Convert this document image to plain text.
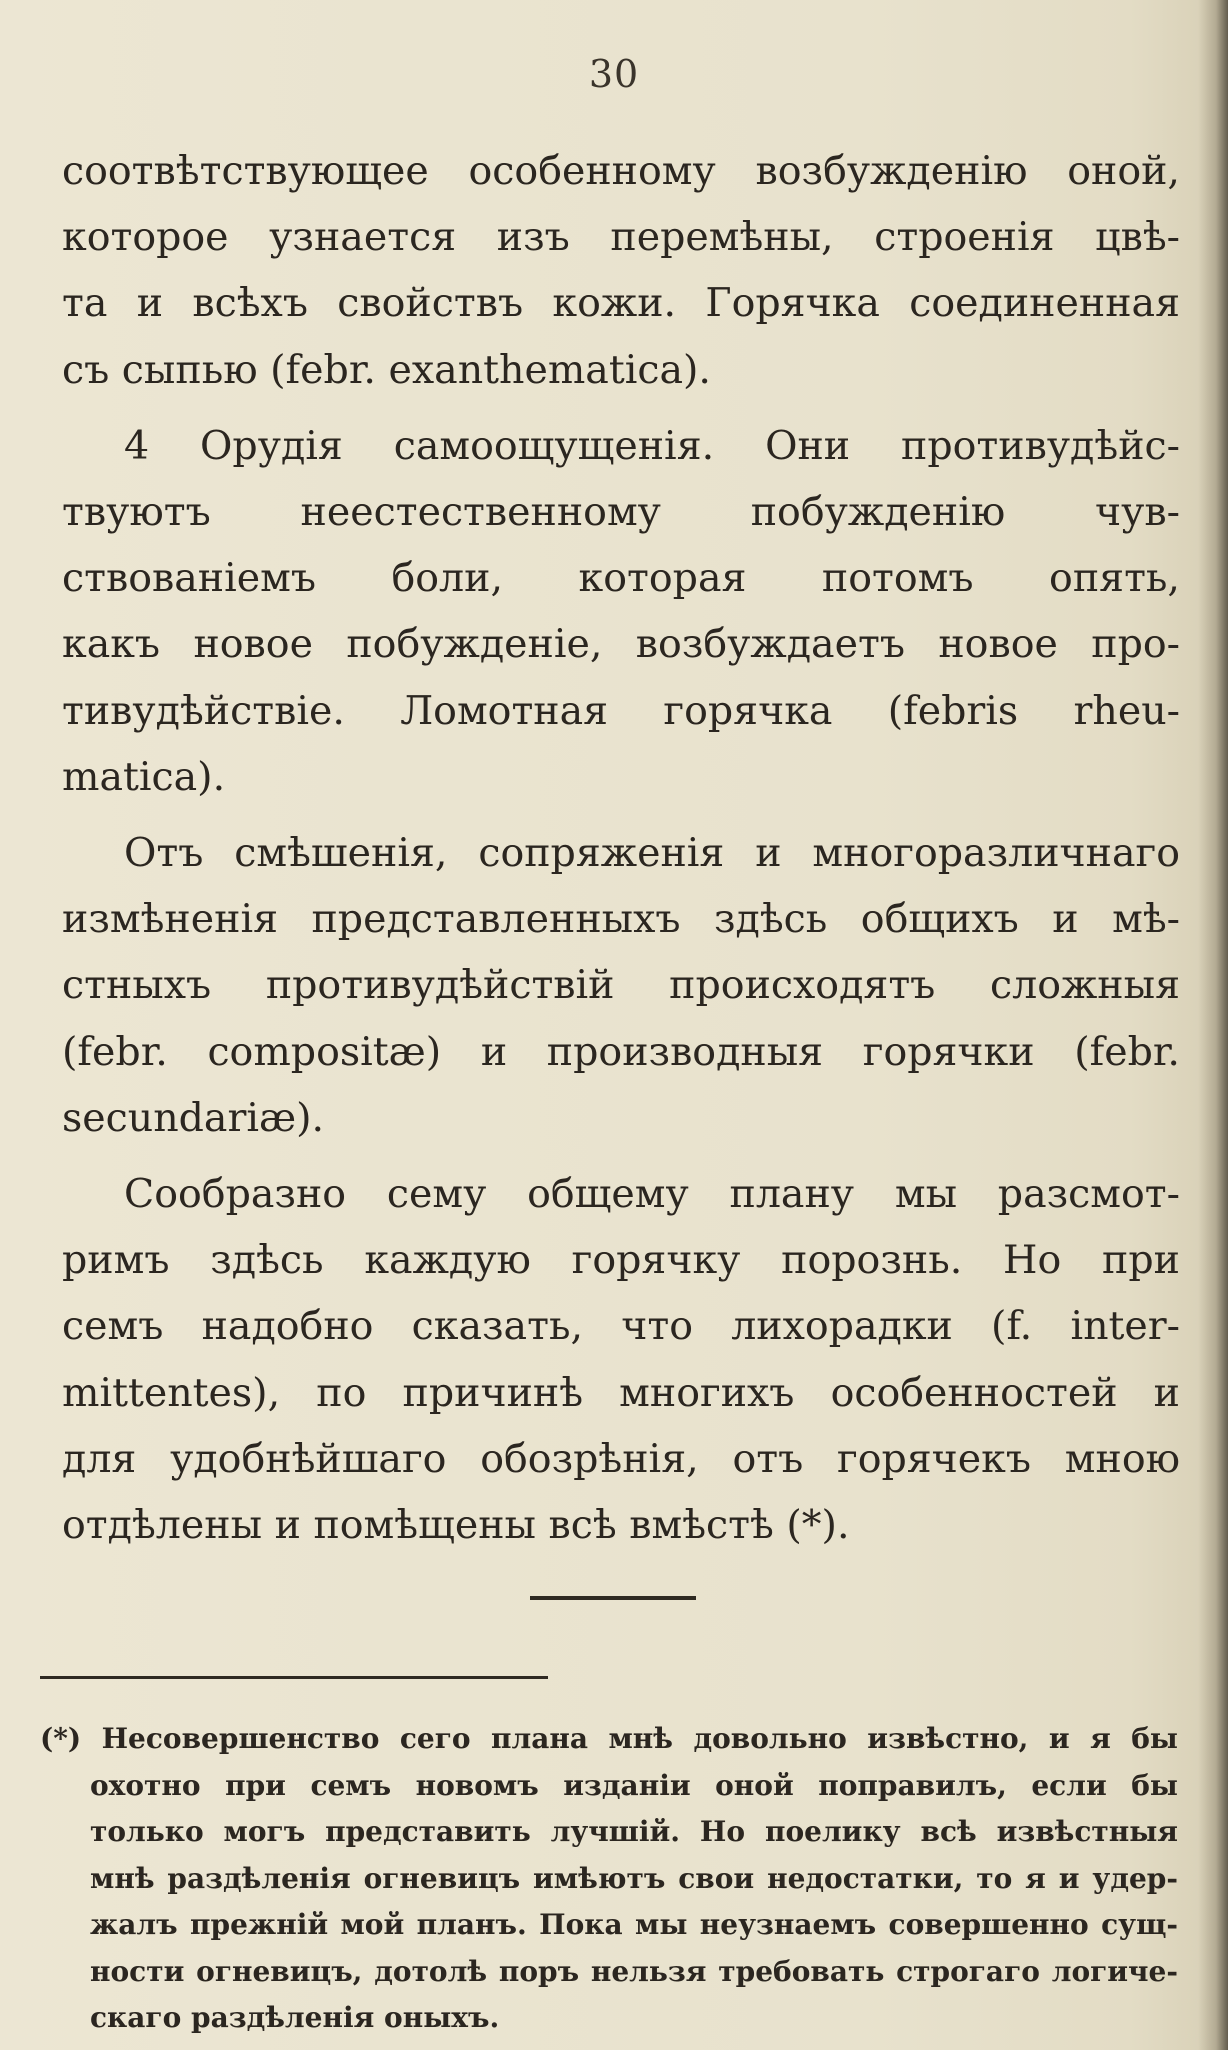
30
соотвѣтствующее особенному возбужденію оной,
которое узнается изъ перемѣны, строенія цвѣ-
та и всѣхъ свойствъ кожи. Горячка соединенная
съ сыпью (febr. exanthematica).
4 Орудія самоощущенія. Они противудѣйс-
твуютъ неестественному побужденію чув-
ствованіемъ боли, которая потомъ опять,
какъ новое побужденіе, возбуждаетъ новое про-
тивудѣйствіе. Ломотная горячка (febris rheu-
matica).
Отъ смѣшенія, сопряженія и многоразличнаго
измѣненія представленныхъ здѣсь общихъ и мѣ-
стныхъ противудѣйствій происходятъ сложныя
(febr. compositæ) и производныя горячки (febr.
secundariæ).
Сообразно сему общему плану мы разсмот-
римъ здѣсь каждую горячку порознь. Но при
семъ надобно сказать, что лихорадки (f. inter-
mittentes), по причинѣ многихъ особенностей и
для удобнѣйшаго обозрѣнія, отъ горячекъ мною
отдѣлены и помѣщены всѣ вмѣстѣ (*).
(*) Несовершенство сего плана мнѣ довольно извѣстно, и я бы
охотно при семъ новомъ изданіи оной поправилъ, если бы
только могъ представить лучшій. Но поелику всѣ извѣстныя
мнѣ раздѣленія огневицъ имѣютъ свои недостатки, то я и удер-
жалъ прежній мой планъ. Пока мы неузнаемъ совершенно сущ-
ности огневицъ, дотолѣ поръ нельзя требовать строгаго логиче-
скаго раздѣленія оныхъ.
